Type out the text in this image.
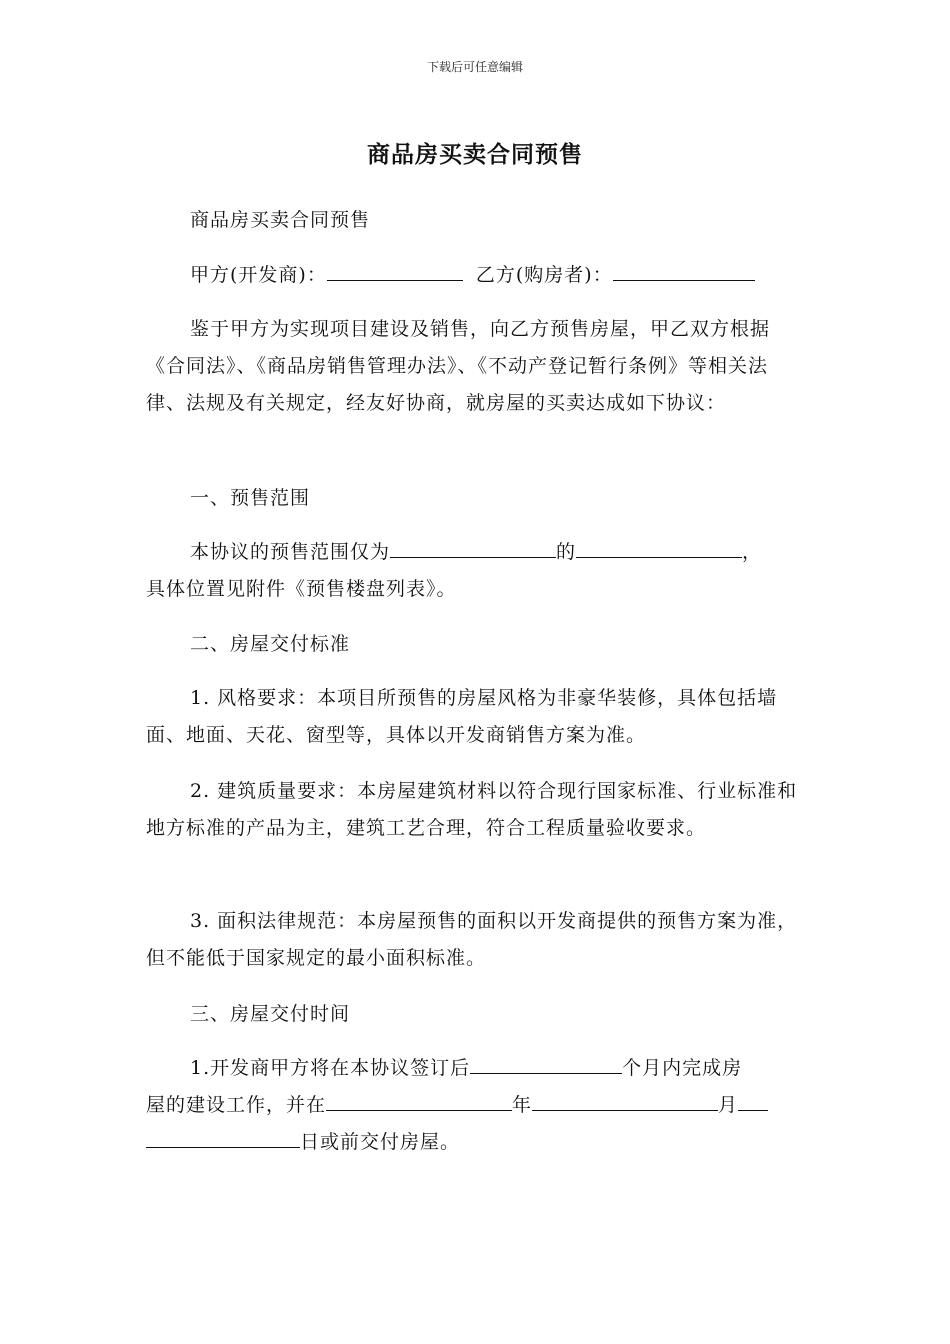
下载后可任意编辑
商品房买卖合同预售

商品房买卖合同预售

甲方(开发商)：	乙方(购房者)：

鉴于甲方为实现项目建设及销售，向乙方预售房屋，甲乙双方根据《合同法》、《商品房销售管理办法》、《不动产登记暂行条例》等相关法律、法规及有关规定，经友好协商，就房屋的买卖达成如下协议：

一、预售范围

本协议的预售范围仅为	的	，

具体位置见附件《预售楼盘列表》。

二、房屋交付标准

1. 风格要求：本项目所预售的房屋风格为非豪华装修，具体包括墙面、地面、天花、窗型等，具体以开发商销售方案为准。

2. 建筑质量要求：本房屋建筑材料以符合现行国家标准、行业标准和地方标准的产品为主，建筑工艺合理，符合工程质量验收要求。

3. 面积法律规范：本房屋预售的面积以开发商提供的预售方案为准，但不能低于国家规定的最小面积标准。

三、房屋交付时间

1.开发商甲方将在本协议签订后	个月内完成房

屋的建设工作，并在	年	月

日或前交付房屋。
